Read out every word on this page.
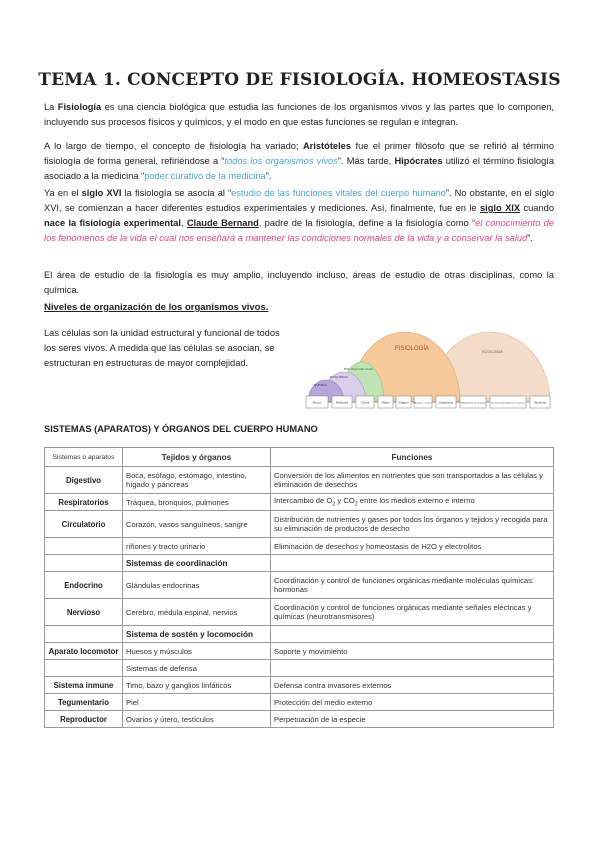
TEMA 1. CONCEPTO DE FISIOLOGÍA. HOMEOSTASIS

La Fisiología es una ciencia biológica que estudia las funciones de los organismos vivos y las partes que lo componen, incluyendo sus procesos físicos y químicos, y el modo en que estas funciones se regulan e integran.

A lo largo de tiempo, el concepto de fisiología ha variado; Aristóteles fue el primer filósofo que se refirió al término fisiología de forma general, refiriéndose a “todos los organismos vivos”. Más tarde, Hipócrates utilizó el término fisiología asociado a la medicina “poder curativo de la medicina”.

Ya en el siglo XVI la fisiología se asocia al “estudio de las funciones vitales del cuerpo humano”. No obstante, en el siglo XVI, se comienzan a hacer diferentes estudios experimentales y mediciones. Así, finalmente, fue en le siglo XIX cuando nace la fisiología experimental, Claude Bernand, padre de la fisiología, define a la fisiología como “el conocimiento de los fenómenos de la vida el cual nos enseñará a mantener las condiciones normales de la vida y a conservar la salud”.

El área de estudio de la fisiología es muy amplio, incluyendo incluso, áreas de estudio de otras disciplinas, como la química.

Niveles de organización de los organismos vivos.

Las células son la unidad estructural y funcional de todos los seres vivos. A medida que las células se asocian, se estructuran en estructuras de mayor complejidad.

FISIOLOGÍA	ECOLOGÍA
BIOLOGÍA CELULAR
BIOQUÍMICA
QUÍMICA
Átomo	Molécula	Célula	Tejido	Órgano	Aparato o sistema Organismo	Población de una especie	Ecosistema de diferentes especies	Biosfera

SISTEMAS (APARATOS) Y ÓRGANOS DEL CUERPO HUMANO

Sistemas o aparatos	Tejidos y órganos	Funciones
Digestivo	Boca, esófago, estómago, intestino, hígado y páncreas	Conversión de los alimentos en nutrientes que son transportados a las células y eliminación de desechos
Respiratorios	Tráquea, bronquios, pulmones	Intercambio de $O_2$ y $CO_2$ entre los medios externo e interno
Circulatorio	Corazón, vasos sanguíneos, sangre	Distribución de nutrientes y gases por todos los órganos y tejidos y recogida para su eliminación de productos de desecho
	riñones y tracto urinario	Eliminación de desechos y homeostasis de H2O y electrolitos
	Sistemas de coordinación	
Endocrino	Glándulas endocrinas	Coordinación y control de funciones orgánicas mediante moléculas químicas: hormonas
Nervioso	Cerebro, médula espinal, nervios	Coordinación y control de funciones orgánicas mediante señales eléctricas y químicas (neurotransmisores)
	Sistema de sostén y locomoción	
Aparato locomotor	Huesos y músculos	Soporte y movimiento
	Sistemas de defensa	
Sistema inmune	Timo, bazo y ganglios linfáticos	Defensa contra invasores externos
Tegumentario	Piel	Protección del medio externo
Reproductor	Ovarios y útero, testículos	Perpetuación de la especie
